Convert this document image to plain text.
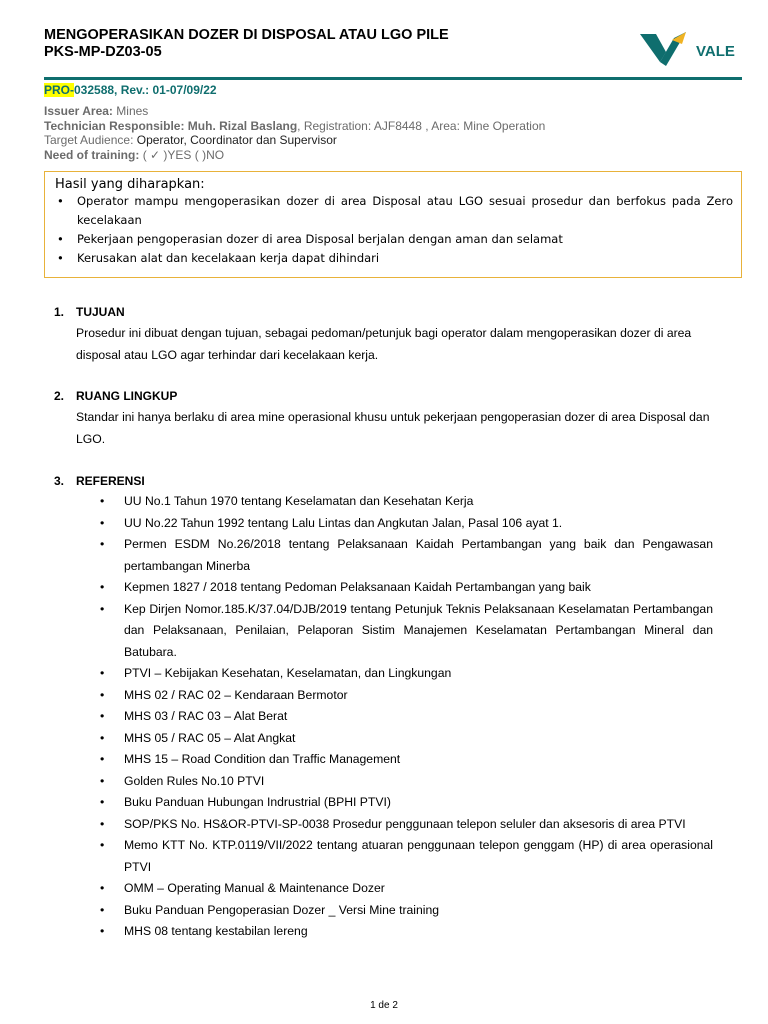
MENGOPERASIKAN DOZER DI DISPOSAL ATAU LGO PILE
PKS-MP-DZ03-05	VALE
PRO-032588, Rev.: 01-07/09/22
Issuer Area: Mines
Technician Responsible: Muh. Rizal Baslang, Registration: AJF8448 , Area: Mine Operation
Target Audience: Operator, Coordinator dan Supervisor
Need of training: ( ✓ )YES ( )NO
Hasil yang diharapkan:
• Operator mampu mengoperasikan dozer di area Disposal atau LGO sesuai prosedur dan berfokus pada Zero kecelakaan
• Pekerjaan pengoperasian dozer di area Disposal berjalan dengan aman dan selamat
• Kerusakan alat dan kecelakaan kerja dapat dihindari
1. TUJUAN
Prosedur ini dibuat dengan tujuan, sebagai pedoman/petunjuk bagi operator dalam mengoperasikan dozer di area disposal atau LGO agar terhindar dari kecelakaan kerja.
2. RUANG LINGKUP
Standar ini hanya berlaku di area mine operasional khusu untuk pekerjaan pengoperasian dozer di area Disposal dan LGO.
3. REFERENSI
• UU No.1 Tahun 1970 tentang Keselamatan dan Kesehatan Kerja
• UU No.22 Tahun 1992 tentang Lalu Lintas dan Angkutan Jalan, Pasal 106 ayat 1.
• Permen ESDM No.26/2018 tentang Pelaksanaan Kaidah Pertambangan yang baik dan Pengawasan pertambangan Minerba
• Kepmen 1827 / 2018 tentang Pedoman Pelaksanaan Kaidah Pertambangan yang baik
• Kep Dirjen Nomor.185.K/37.04/DJB/2019 tentang Petunjuk Teknis Pelaksanaan Keselamatan Pertambangan dan Pelaksanaan, Penilaian, Pelaporan Sistim Manajemen Keselamatan Pertambangan Mineral dan Batubara.
• PTVI – Kebijakan Kesehatan, Keselamatan, dan Lingkungan
• MHS 02 / RAC 02 – Kendaraan Bermotor
• MHS 03 / RAC 03 – Alat Berat
• MHS 05 / RAC 05 – Alat Angkat
• MHS 15 – Road Condition dan Traffic Management
• Golden Rules No.10 PTVI
• Buku Panduan Hubungan Indrustrial (BPHI PTVI)
• SOP/PKS No. HS&OR-PTVI-SP-0038 Prosedur penggunaan telepon seluler dan aksesoris di area PTVI
• Memo KTT No. KTP.0119/VII/2022 tentang atuaran penggunaan telepon genggam (HP) di area operasional PTVI
• OMM – Operating Manual & Maintenance Dozer
• Buku Panduan Pengoperasian Dozer _ Versi Mine training
• MHS 08 tentang kestabilan lereng
1 de 2
